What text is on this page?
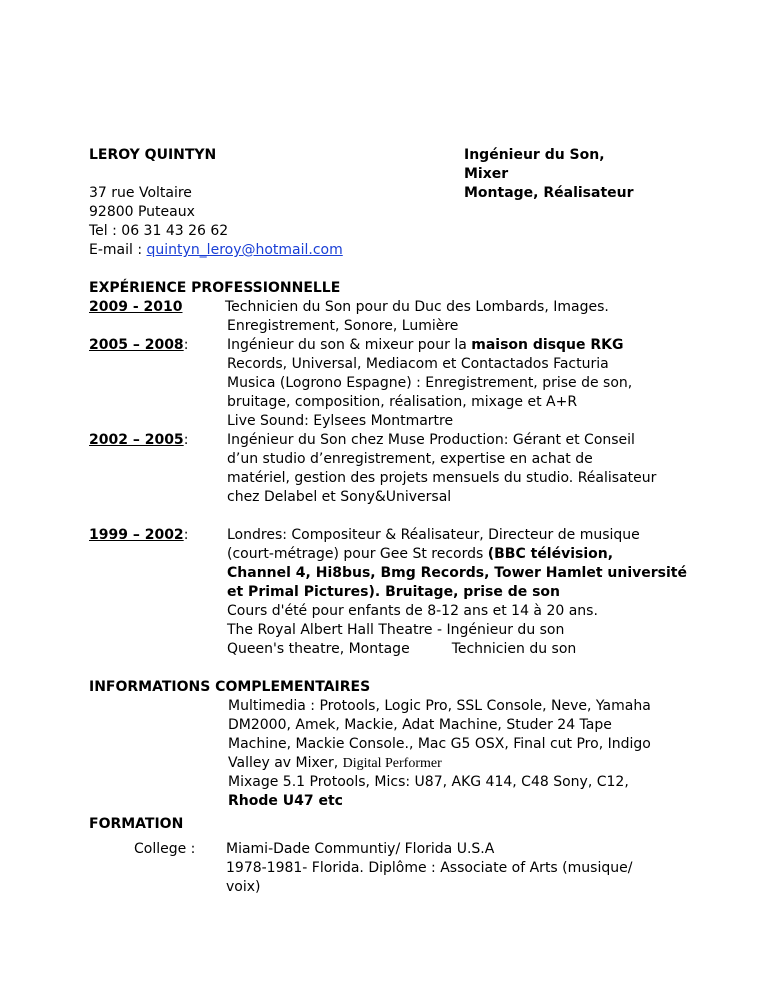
LEROY QUINTYN	Ingénieur du Son,
Mixer
Montage, Réalisateur
37 rue Voltaire
92800 Puteaux
Tel : 06 31 43 26 62
E-mail : quintyn_leroy@hotmail.com
EXPÉRIENCE PROFESSIONNELLE
2009 - 2010	Technicien du Son pour du Duc des Lombards, Images.
Enregistrement, Sonore, Lumière
2005 – 2008:	Ingénieur du son & mixeur pour la maison disque RKG
Records, Universal, Mediacom et Contactados Facturia
Musica (Logrono Espagne) : Enregistrement, prise de son,
bruitage, composition, réalisation, mixage et A+R
Live Sound: Eylsees Montmartre
2002 – 2005:	Ingénieur du Son chez Muse Production: Gérant et Conseil
d’un studio d’enregistrement, expertise en achat de
matériel, gestion des projets mensuels du studio. Réalisateur
chez Delabel et Sony&Universal
1999 – 2002:	Londres: Compositeur & Réalisateur, Directeur de musique
(court-métrage) pour Gee St records (BBC télévision,
Channel 4, Hi8bus, Bmg Records, Tower Hamlet université
et Primal Pictures). Bruitage, prise de son
Cours d'été pour enfants de 8-12 ans et 14 à 20 ans.
The Royal Albert Hall Theatre - Ingénieur du son
Queen's theatre, Montage	Technicien du son
INFORMATIONS COMPLEMENTAIRES
Multimedia : Protools, Logic Pro, SSL Console, Neve, Yamaha
DM2000, Amek, Mackie, Adat Machine, Studer 24 Tape
Machine, Mackie Console., Mac G5 OSX, Final cut Pro, Indigo
Valley av Mixer, Digital Performer
Mixage 5.1 Protools, Mics: U87, AKG 414, C48 Sony, C12,
Rhode U47 etc
FORMATION
College : Miami-Dade Communtiy/ Florida U.S.A
1978-1981- Florida. Diplôme : Associate of Arts (musique/
voix)
